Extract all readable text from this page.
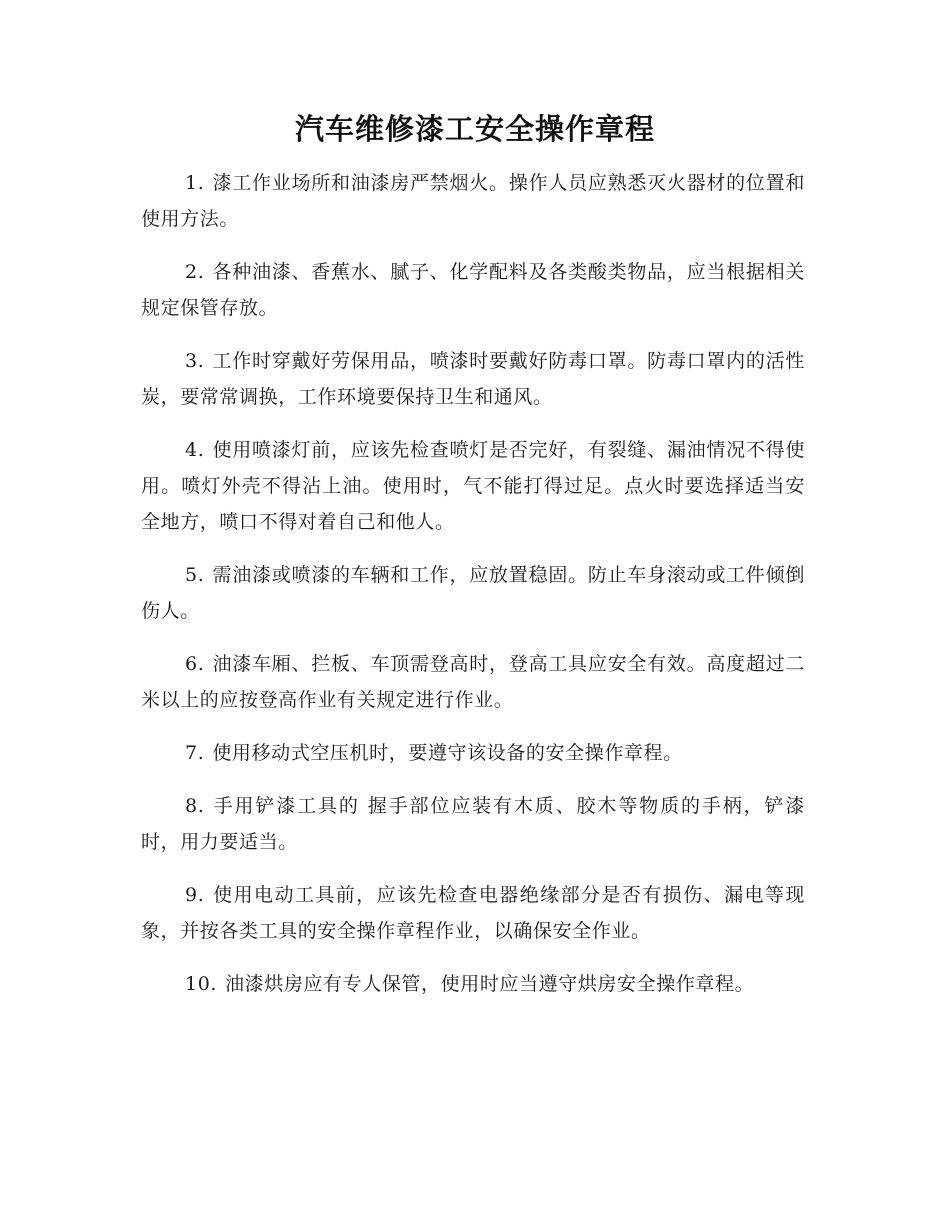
汽车维修漆工安全操作章程

1. 漆工作业场所和油漆房严禁烟火。操作人员应熟悉灭火器材的位置和使用方法。

2. 各种油漆、香蕉水、腻子、化学配料及各类酸类物品，应当根据相关规定保管存放。

3. 工作时穿戴好劳保用品，喷漆时要戴好防毒口罩。防毒口罩内的活性炭，要常常调换，工作环境要保持卫生和通风。

4. 使用喷漆灯前，应该先检查喷灯是否完好，有裂缝、漏油情况不得使用。喷灯外壳不得沾上油。使用时，气不能打得过足。点火时要选择适当安全地方，喷口不得对着自己和他人。

5. 需油漆或喷漆的车辆和工作，应放置稳固。防止车身滚动或工件倾倒伤人。

6. 油漆车厢、拦板、车顶需登高时，登高工具应安全有效。高度超过二米以上的应按登高作业有关规定进行作业。

7. 使用移动式空压机时，要遵守该设备的安全操作章程。

8. 手用铲漆工具的 握手部位应装有木质、胶木等物质的手柄，铲漆时，用力要适当。

9. 使用电动工具前，应该先检查电器绝缘部分是否有损伤、漏电等现象，并按各类工具的安全操作章程作业，以确保安全作业。

10. 油漆烘房应有专人保管，使用时应当遵守烘房安全操作章程。
